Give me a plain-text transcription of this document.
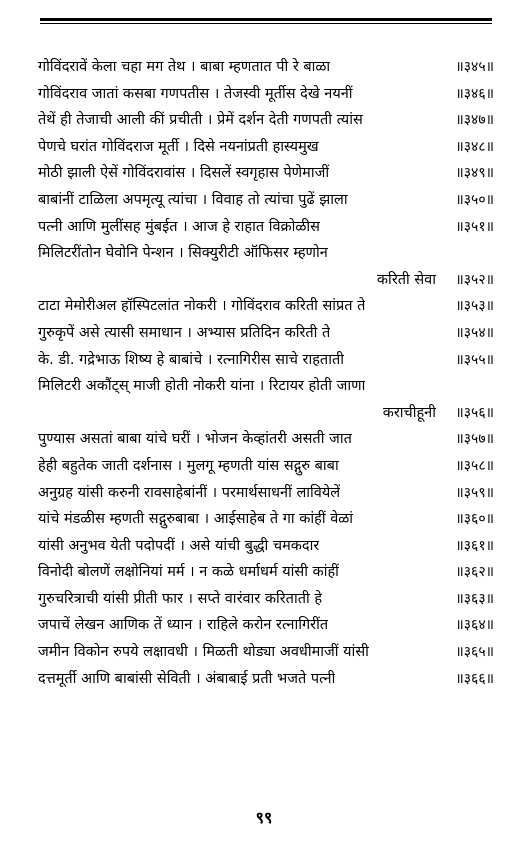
गोविंदरावें केला चहा मग तेथ । बाबा म्हणतात पी रे बाळा	॥३४५॥
गोविंदराव जातां कसबा गणपतीस । तेजस्वी मूर्तीस देखे नयनीं	॥३४६॥
तेथें ही तेजाची आली कीं प्रचीती । प्रेमें दर्शन देती गणपती त्यांस	॥३४७॥
पेणचे घरांत गोविंदराज मूर्ती । दिसे नयनांप्रती हास्यमुख	॥३४८॥
मोठी झाली ऐसें गोविंदरावांस । दिसलें स्वगृहास पेणेमाजीं	॥३४९॥
बाबांनीं टाळिला अपमृत्यू त्यांचा । विवाह तो त्यांचा पुढें झाला	॥३५०॥
पत्नी आणि मुलींसह मुंबईत । आज हे राहात विक्रोळीस	॥३५१॥
मिलिटरींतोन घेवोनि पेन्शन । सिक्युरीटी ऑफिसर म्हणोन
करिती सेवा ॥३५२॥
टाटा मेमोरीअल हॉस्पिटलांत नोकरी । गोविंदराव करिती सांप्रत ते	॥३५३॥
गुरुकृपें असे त्यासी समाधान । अभ्यास प्रतिदिन करिती ते	॥३५४॥
के. डी. गद्रेभाऊ शिष्य हे बाबांचे । रत्नागिरीस साचे राहताती	॥३५५॥
मिलिटरी अकौंट्स् माजी होती नोकरी यांना । रिटायर होती जाणा
कराचीहूनी ॥३५६॥
पुण्यास असतां बाबा यांचे घरीं । भोजन केव्हांतरी असती जात	॥३५७॥
हेही बहुतेक जाती दर्शनास । मुलगू म्हणती यांस सद्गुरु बाबा	॥३५८॥
अनुग्रह यांसी करुनी रावसाहेबांनीं । परमार्थसाधनीं लावियेलें	॥३५९॥
यांचे मंडळीस म्हणती सद्गुरुबाबा । आईसाहेब ते गा कांहीं वेळां	॥३६०॥
यांसी अनुभव येती पदोपदीं । असे यांची बुद्धी चमकदार	॥३६१॥
विनोदी बोलणें लक्षोनियां मर्म । न कळे धर्माधर्म यांसी कांहीं	॥३६२॥
गुरुचरित्राची यांसी प्रीती फार । सप्ते वारंवार करिताती हे	॥३६३॥
जपाचें लेखन आणिक तें ध्यान । राहिले करोन रत्नागिरींत	॥३६४॥
जमीन विकोन रुपये लक्षावधी । मिळती थोड्या अवधीमाजीं यांसी	॥३६५॥
दत्तमूर्ती आणि बाबांसी सेविती । अंबाबाई प्रती भजते पत्नी	॥३६६॥
९९
